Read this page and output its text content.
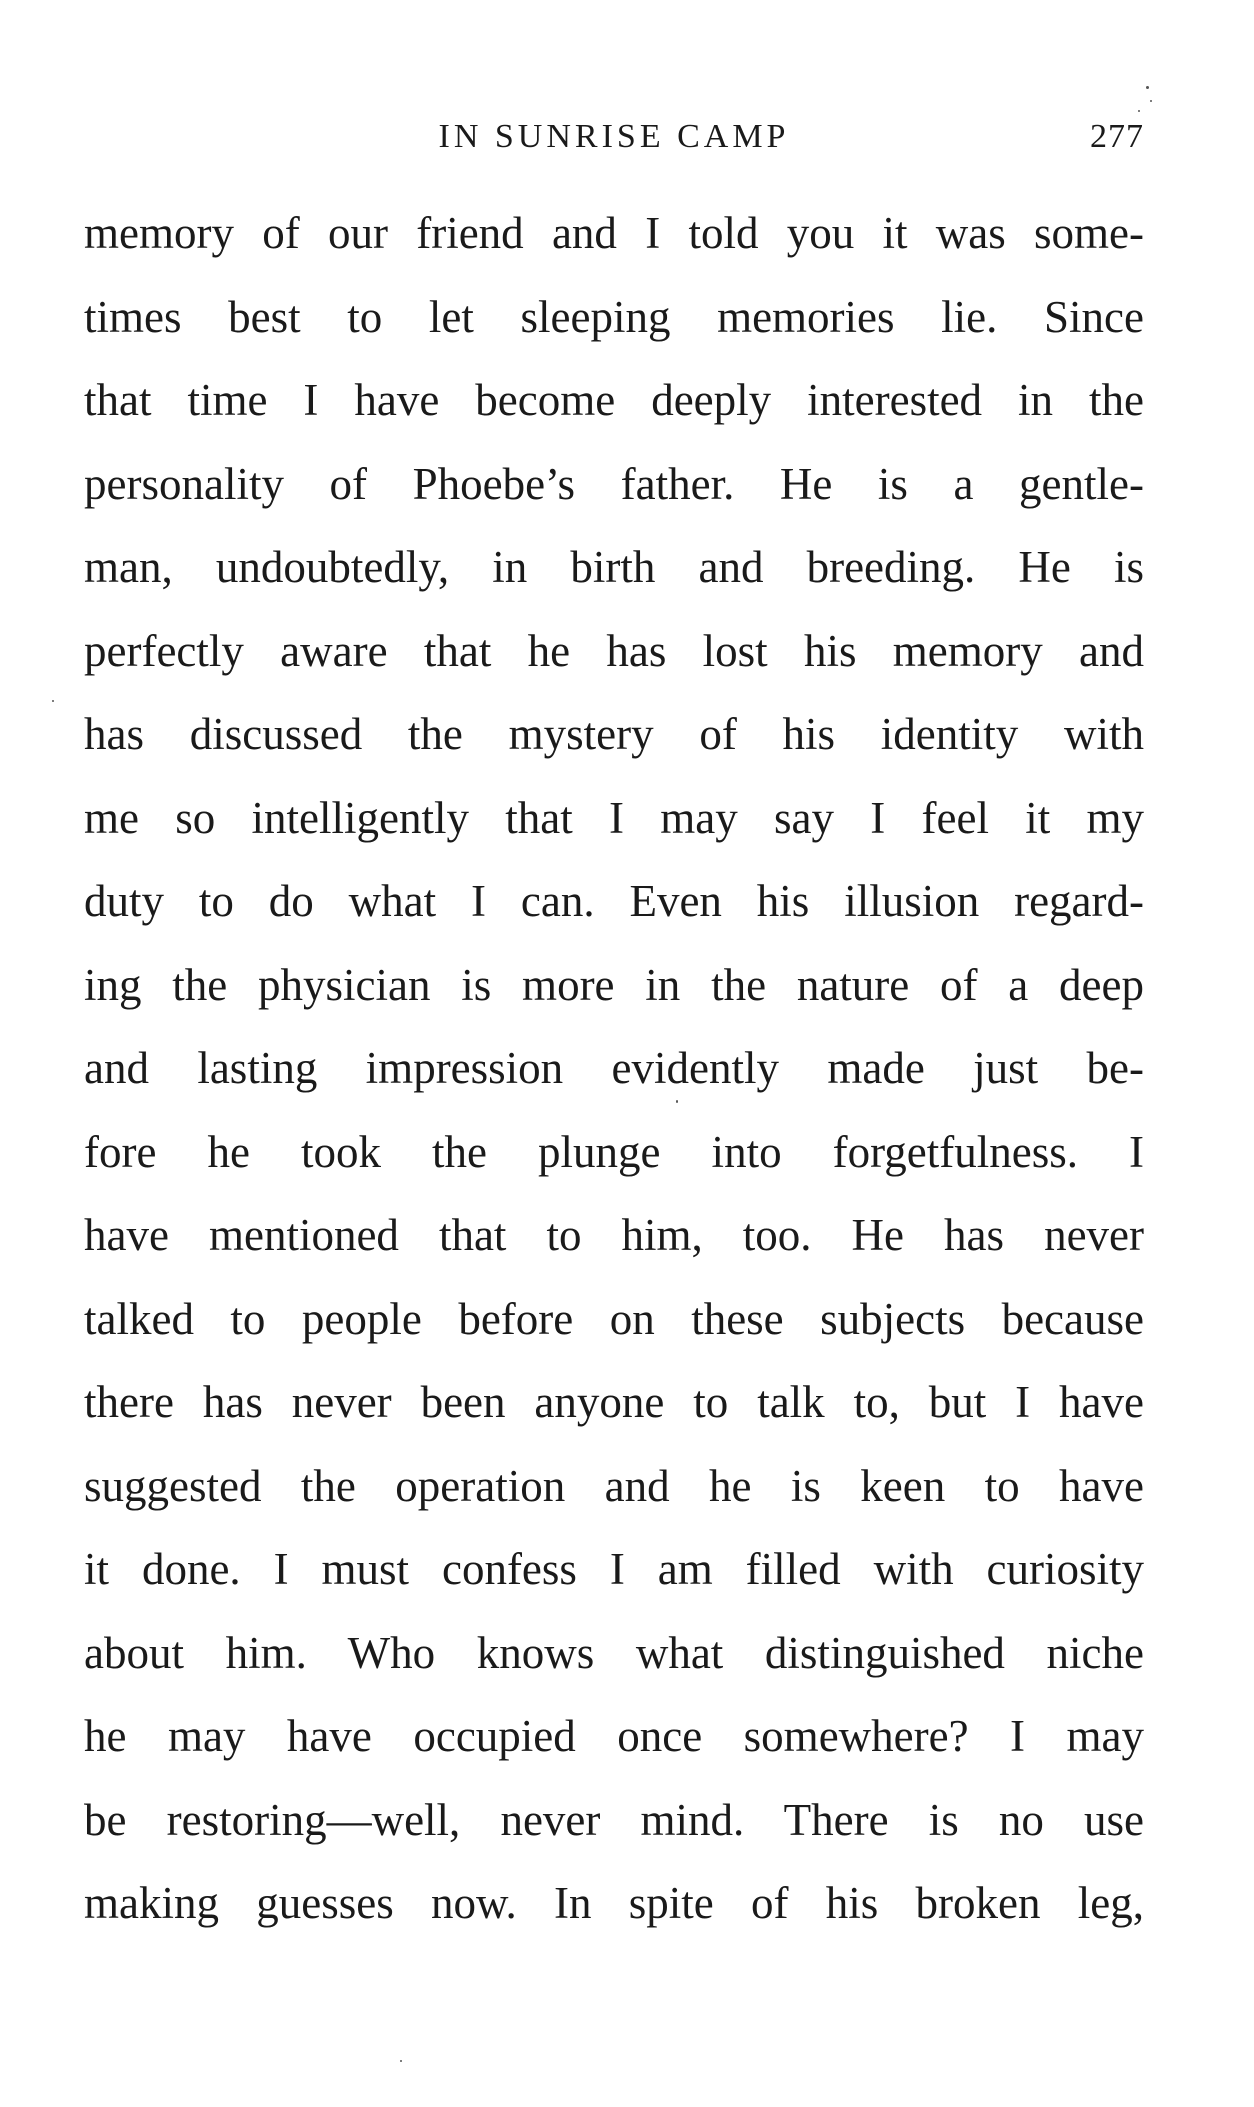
IN SUNRISE CAMP	277
memory of our friend and I told you it was some-
times best to let sleeping memories lie. Since
that time I have become deeply interested in the
personality of Phoebe’s father. He is a gentle-
man, undoubtedly, in birth and breeding. He is
perfectly aware that he has lost his memory and
has discussed the mystery of his identity with
me so intelligently that I may say I feel it my
duty to do what I can. Even his illusion regard-
ing the physician is more in the nature of a deep
and lasting impression evidently made just be-
fore he took the plunge into forgetfulness. I
have mentioned that to him, too. He has never
talked to people before on these subjects because
there has never been anyone to talk to, but I have
suggested the operation and he is keen to have
it done. I must confess I am filled with curiosity
about him. Who knows what distinguished niche
he may have occupied once somewhere? I may
be restoring—well, never mind. There is no use
making guesses now. In spite of his broken leg,
